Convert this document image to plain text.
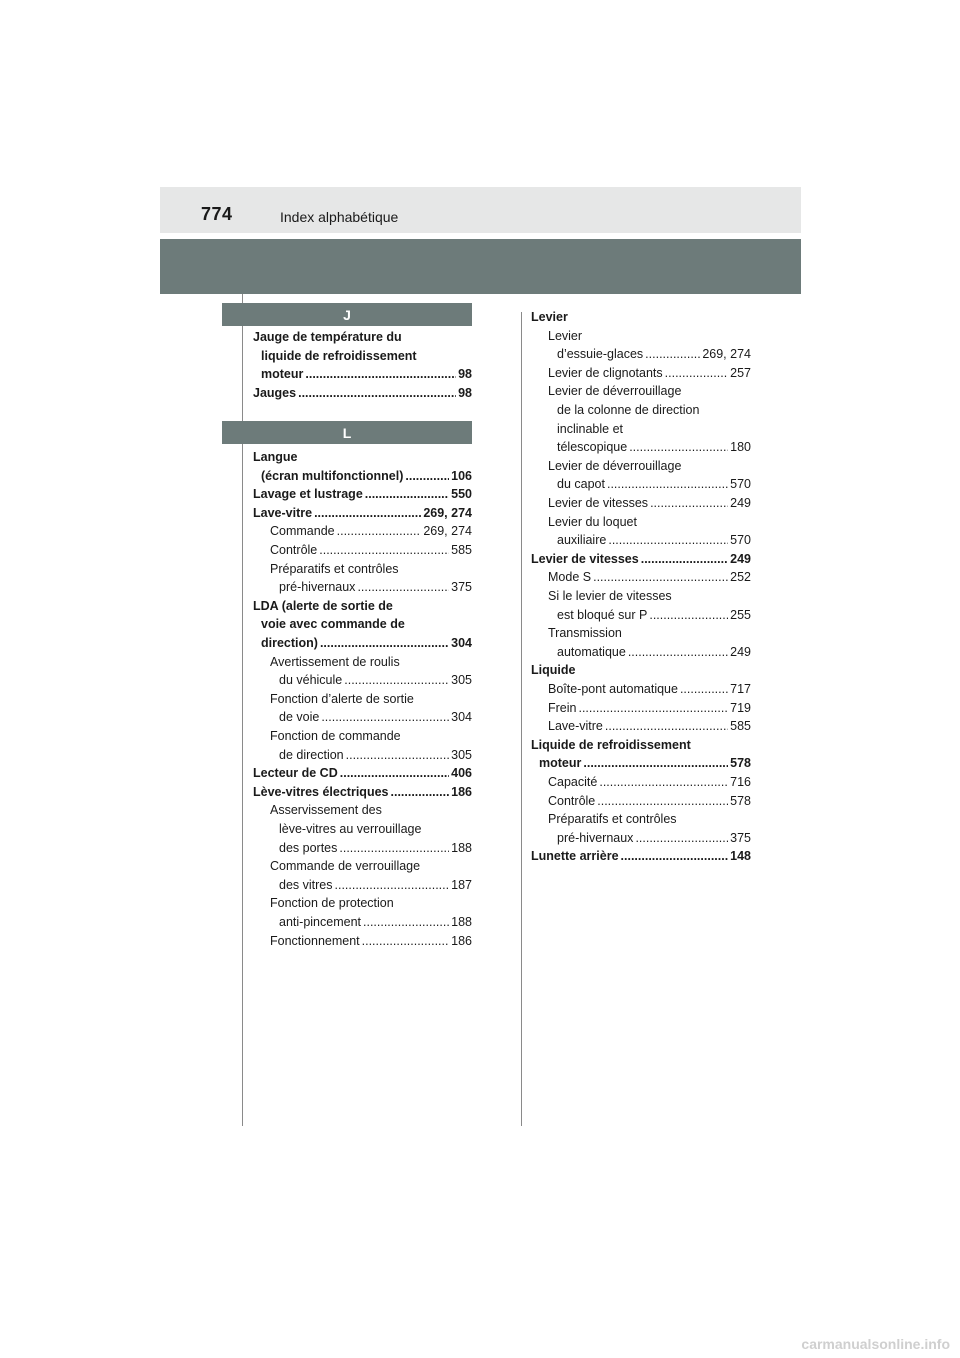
774	Index alphabétique
J
L
Jauge de température du
liquide de refroidissement
moteur .....	98
Jauges .....	98
Langue
(écran multifonctionnel) .....	106
Lavage et lustrage .....	550
Lave-vitre .....	269, 274
Commande .....	269, 274
Contrôle .....	585
Préparatifs et contrôles
pré-hivernaux .....	375
LDA (alerte de sortie de
voie avec commande de
direction) .....	304
Avertissement de roulis
du véhicule .....	305
Fonction d’alerte de sortie
de voie .....	304
Fonction de commande
de direction .....	305
Lecteur de CD .....	406
Lève-vitres électriques .....	186
Asservissement des
lève-vitres au verrouillage
des portes .....	188
Commande de verrouillage
des vitres .....	187
Fonction de protection
anti-pincement .....	188
Fonctionnement .....	186
Levier
Levier
d’essuie-glaces .....	269, 274
Levier de clignotants .....	257
Levier de déverrouillage
de la colonne de direction
inclinable et
télescopique .....	180
Levier de déverrouillage
du capot .....	570
Levier de vitesses .....	249
Levier du loquet
auxiliaire .....	570
Levier de vitesses .....	249
Mode S .....	252
Si le levier de vitesses
est bloqué sur P .....	255
Transmission
automatique .....	249
Liquide
Boîte-pont automatique .....	717
Frein .....	719
Lave-vitre .....	585
Liquide de refroidissement
moteur .....	578
Capacité .....	716
Contrôle .....	578
Préparatifs et contrôles
pré-hivernaux .....	375
Lunette arrière .....	148
carmanualsonline.info
